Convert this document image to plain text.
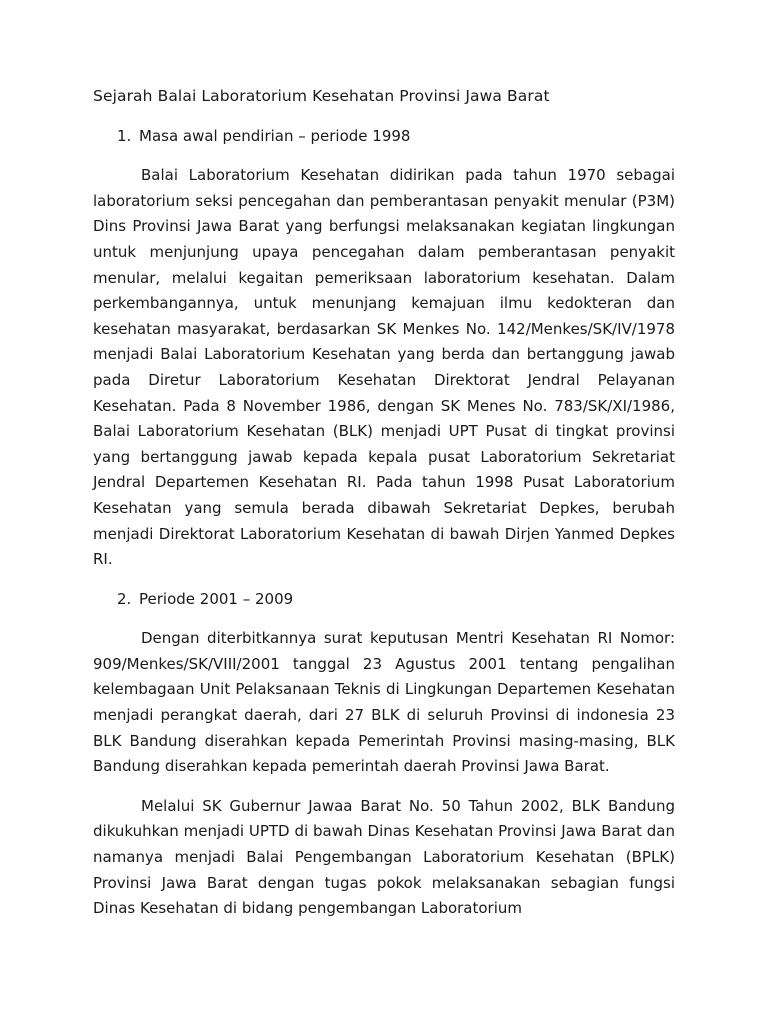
Sejarah Balai Laboratorium Kesehatan Provinsi Jawa Barat
1. Masa awal pendirian – periode 1998

Balai Laboratorium Kesehatan didirikan pada tahun 1970 sebagai laboratorium seksi pencegahan dan pemberantasan penyakit menular (P3M) Dins Provinsi Jawa Barat yang berfungsi melaksanakan kegiatan lingkungan untuk menjunjung upaya pencegahan dalam pemberantasan penyakit menular, melalui kegaitan pemeriksaan laboratorium kesehatan. Dalam perkembangannya, untuk menunjang kemajuan ilmu kedokteran dan kesehatan masyarakat, berdasarkan SK Menkes No. 142/Menkes/SK/IV/1978 menjadi Balai Laboratorium Kesehatan yang berda dan bertanggung jawab pada Diretur Laboratorium Kesehatan Direktorat Jendral Pelayanan Kesehatan. Pada 8 November 1986, dengan SK Menes No. 783/SK/XI/1986, Balai Laboratorium Kesehatan (BLK) menjadi UPT Pusat di tingkat provinsi yang bertanggung jawab kepada kepala pusat Laboratorium Sekretariat Jendral Departemen Kesehatan RI. Pada tahun 1998 Pusat Laboratorium Kesehatan yang semula berada dibawah Sekretariat Depkes, berubah menjadi Direktorat Laboratorium Kesehatan di bawah Dirjen Yanmed Depkes RI.

2. Periode 2001 – 2009

Dengan diterbitkannya surat keputusan Mentri Kesehatan RI Nomor: 909/Menkes/SK/VIII/2001 tanggal 23 Agustus 2001 tentang pengalihan kelembagaan Unit Pelaksanaan Teknis di Lingkungan Departemen Kesehatan menjadi perangkat daerah, dari 27 BLK di seluruh Provinsi di indonesia 23 BLK Bandung diserahkan kepada Pemerintah Provinsi masing-masing, BLK Bandung diserahkan kepada pemerintah daerah Provinsi Jawa Barat.

Melalui SK Gubernur Jawaa Barat No. 50 Tahun 2002, BLK Bandung dikukuhkan menjadi UPTD di bawah Dinas Kesehatan Provinsi Jawa Barat dan namanya menjadi Balai Pengembangan Laboratorium Kesehatan (BPLK) Provinsi Jawa Barat dengan tugas pokok melaksanakan sebagian fungsi Dinas Kesehatan di bidang pengembangan Laboratorium
